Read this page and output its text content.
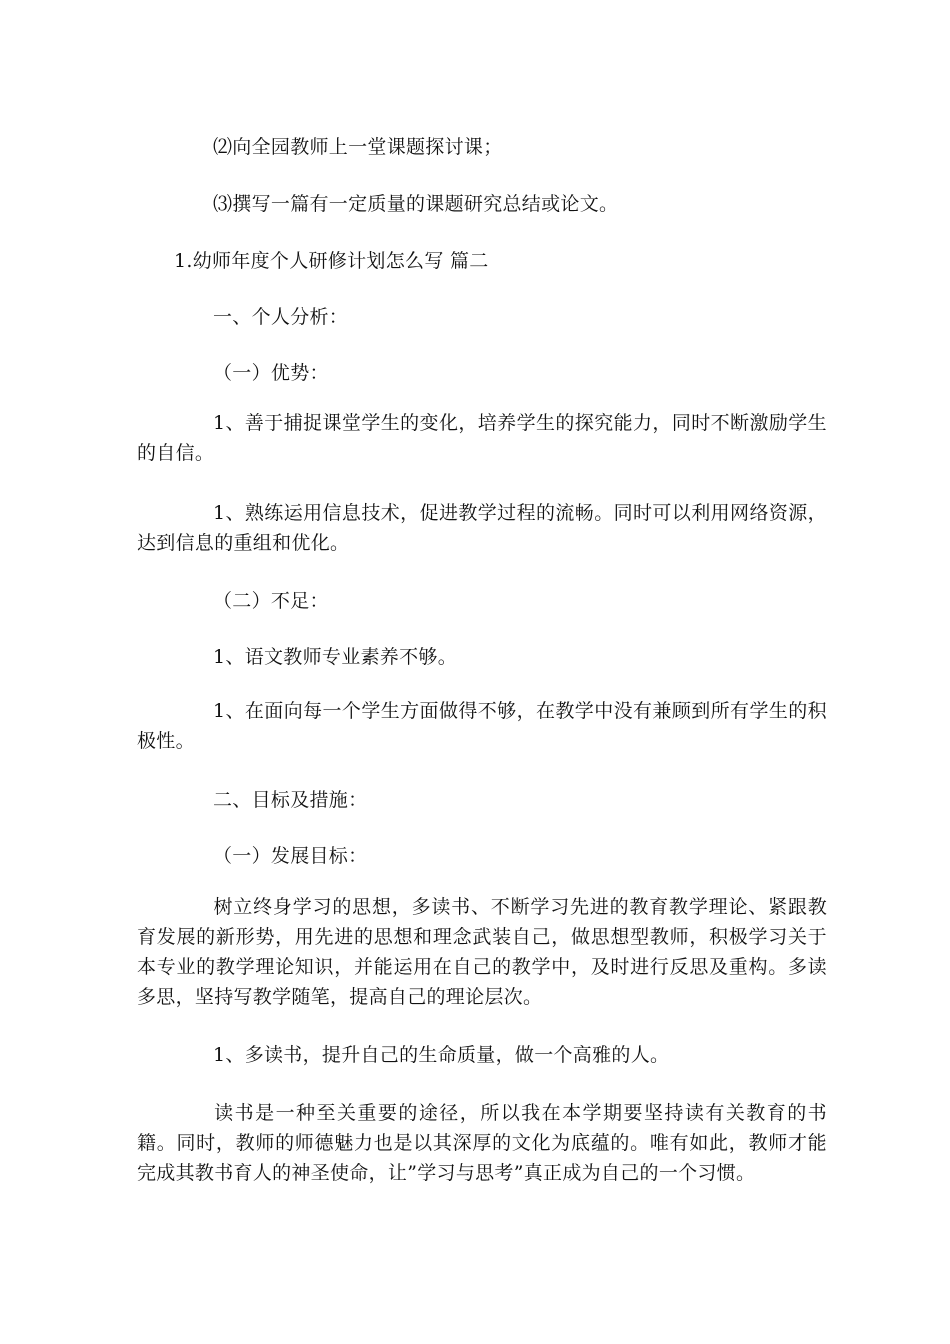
⑵向全园教师上一堂课题探讨课；
⑶撰写一篇有一定质量的课题研究总结或论文。
1.幼师年度个人研修计划怎么写 篇二
一、个人分析：
（一）优势：
1、善于捕捉课堂学生的变化，培养学生的探究能力，同时不断激励学生的自信。
1、熟练运用信息技术，促进教学过程的流畅。同时可以利用网络资源，达到信息的重组和优化。
（二）不足：
1、语文教师专业素养不够。
1、在面向每一个学生方面做得不够，在教学中没有兼顾到所有学生的积极性。
二、目标及措施：
（一）发展目标：
树立终身学习的思想，多读书、不断学习先进的教育教学理论、紧跟教育发展的新形势，用先进的思想和理念武装自己，做思想型教师，积极学习关于本专业的教学理论知识，并能运用在自己的教学中，及时进行反思及重构。多读多思，坚持写教学随笔，提高自己的理论层次。
1、多读书，提升自己的生命质量，做一个高雅的人。
读书是一种至关重要的途径，所以我在本学期要坚持读有关教育的书籍。同时，教师的师德魅力也是以其深厚的文化为底蕴的。唯有如此，教师才能完成其教书育人的神圣使命，让”学习与思考”真正成为自己的一个习惯。
